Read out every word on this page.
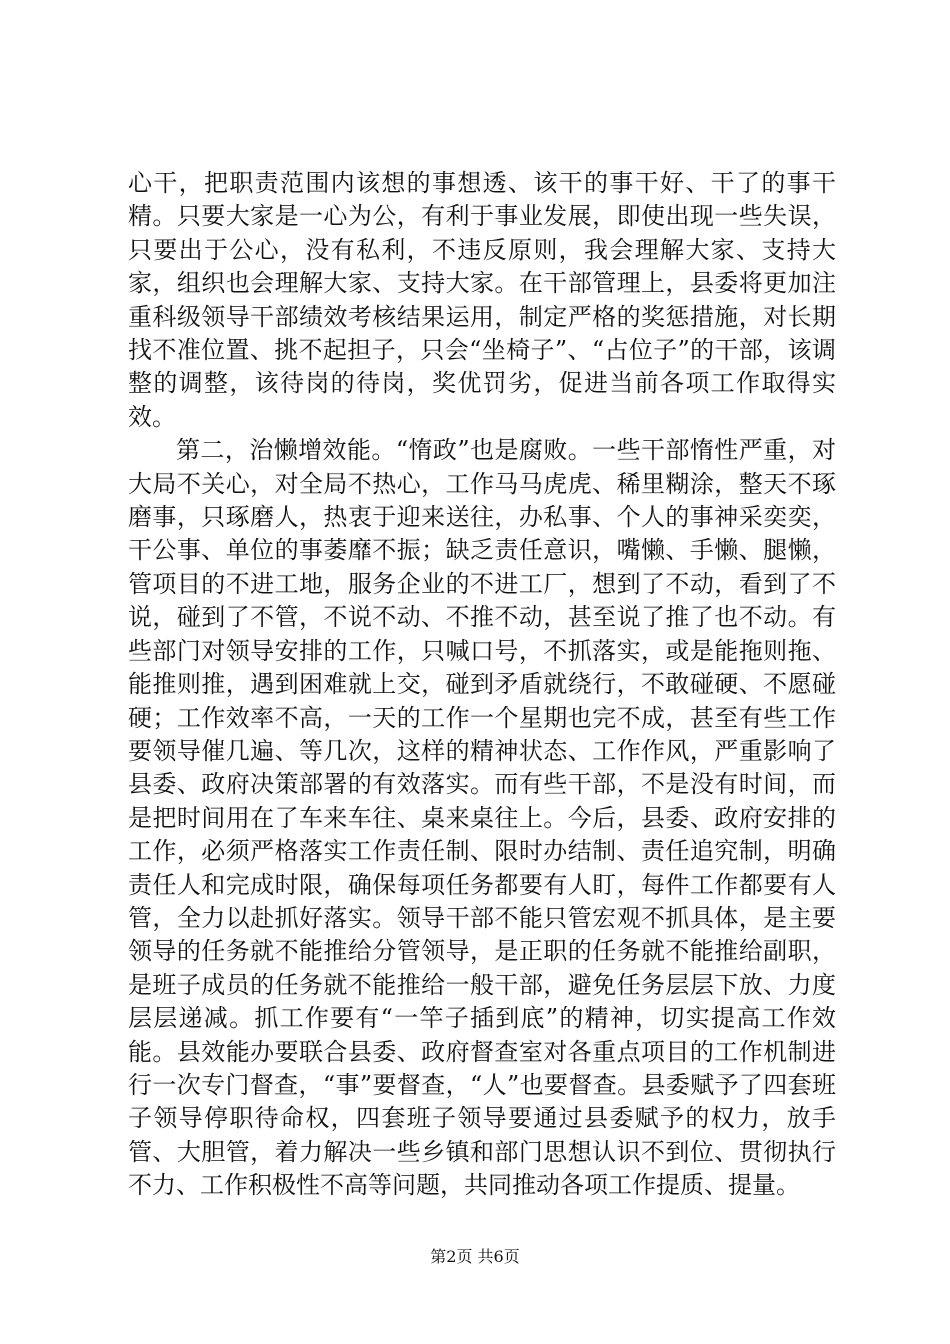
心干，把职责范围内该想的事想透、该干的事干好、干了的事干精。只要大家是一心为公，有利于事业发展，即使出现一些失误，只要出于公心，没有私利，不违反原则，我会理解大家、支持大家，组织也会理解大家、支持大家。在干部管理上，县委将更加注重科级领导干部绩效考核结果运用，制定严格的奖惩措施，对长期找不准位置、挑不起担子，只会“坐椅子”、“占位子”的干部，该调整的调整，该待岗的待岗，奖优罚劣，促进当前各项工作取得实效。

第二，治懒增效能。“惰政”也是腐败。一些干部惰性严重，对大局不关心，对全局不热心，工作马马虎虎、稀里糊涂，整天不琢磨事，只琢磨人，热衷于迎来送往，办私事、个人的事神采奕奕，干公事、单位的事萎靡不振；缺乏责任意识，嘴懒、手懒、腿懒，管项目的不进工地，服务企业的不进工厂，想到了不动，看到了不说，碰到了不管，不说不动、不推不动，甚至说了推了也不动。有些部门对领导安排的工作，只喊口号，不抓落实，或是能拖则拖、能推则推，遇到困难就上交，碰到矛盾就绕行，不敢碰硬、不愿碰硬；工作效率不高，一天的工作一个星期也完不成，甚至有些工作要领导催几遍、等几次，这样的精神状态、工作作风，严重影响了县委、政府决策部署的有效落实。而有些干部，不是没有时间，而是把时间用在了车来车往、桌来桌往上。今后，县委、政府安排的工作，必须严格落实工作责任制、限时办结制、责任追究制，明确责任人和完成时限，确保每项任务都要有人盯，每件工作都要有人管，全力以赴抓好落实。领导干部不能只管宏观不抓具体，是主要领导的任务就不能推给分管领导，是正职的任务就不能推给副职，是班子成员的任务就不能推给一般干部，避免任务层层下放、力度层层递减。抓工作要有“一竿子插到底”的精神，切实提高工作效能。县效能办要联合县委、政府督查室对各重点项目的工作机制进行一次专门督查，“事”要督查，“人”也要督查。县委赋予了四套班子领导停职待命权，四套班子领导要通过县委赋予的权力，放手管、大胆管，着力解决一些乡镇和部门思想认识不到位、贯彻执行不力、工作积极性不高等问题，共同推动各项工作提质、提量。

第2页 共6页
